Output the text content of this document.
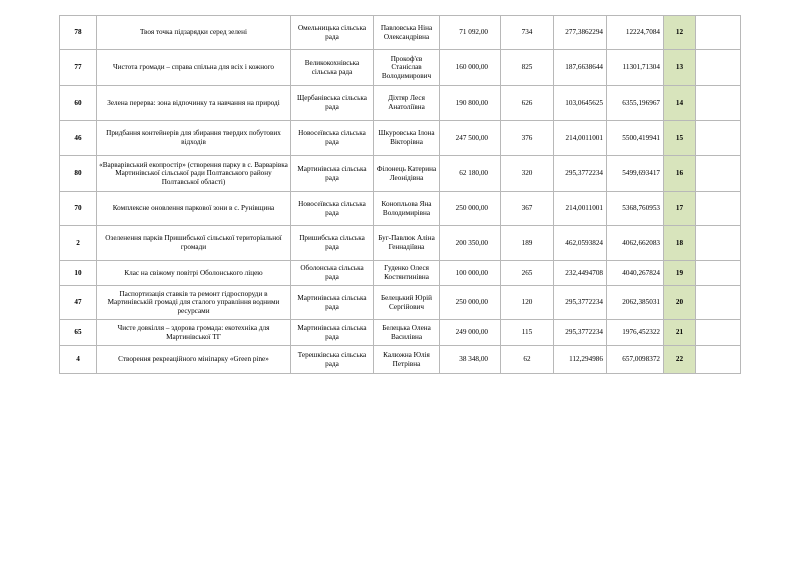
78	Твоя точка підзарядки серед зелені	Омельницька сільська рада	Павловська Ніна Олександрівна	71 092,00	734	277,3862294	12224,7084	12	
77	Чистота громади – справа спільна для всіх і кожного	Великокохнівська сільська рада	Прокоф'єв Станіслав Володимирович	160 000,00	825	187,6638644	11301,71304	13	
60	Зелена перерва: зона відпочинку та навчання на природі	Щербанівська сільська рада	Діхтяр Леся Анатоліївна	190 800,00	626	103,0645625	6355,196967	14	
46	Придбання контейнерів для збирання твердих побутових відходів	Новосеївська сільська рада	Шкуровська Ілона Вікторівна	247 500,00	376	214,0011001	5500,419941	15	
80	«Варварівський екопростір» (створення парку в с. Варварівка Мартинівської сільської ради Полтавського району Полтавської області)	Мартинівська сільська рада	Філонець Катерина Леонідівна	62 180,00	320	295,3772234	5499,693417	16	
70	Комплексне оновлення паркової зони в с. Рунівщина	Новосеївська сільська рада	Конопльова Яна Володимирівна	250 000,00	367	214,0011001	5368,760953	17	
2	Озеленення парків Пришибської сільської територіальної громади	Пришибська сільська рада	Буг-Павлюк Аліна Геннадіївна	200 350,00	189	462,0593824	4062,662083	18	
10	Клас на свіжому повітрі Оболонського ліцею	Оболонська сільська рада	Гуденко Олеся Костянтинівна	100 000,00	265	232,4494708	4040,267824	19	
47	Паспортизація ставків та ремонт гідроспоруди в Мартинівській громаді для сталого управління водними ресурсами	Мартинівська сільська рада	Белецький Юрій Сергійович	250 000,00	120	295,3772234	2062,385031	20	
65	Чисте довкілля – здорова громада: екотехніка для Мартинівської ТГ	Мартинівська сільська рада	Белецька Олена Василівна	249 000,00	115	295,3772234	1976,452322	21	
4	Створення рекреаційного мініпарку «Green pine»	Терешківська сільська рада	Калюжна Юлія Петрівна	38 348,00	62	112,294986	657,0098372	22	
